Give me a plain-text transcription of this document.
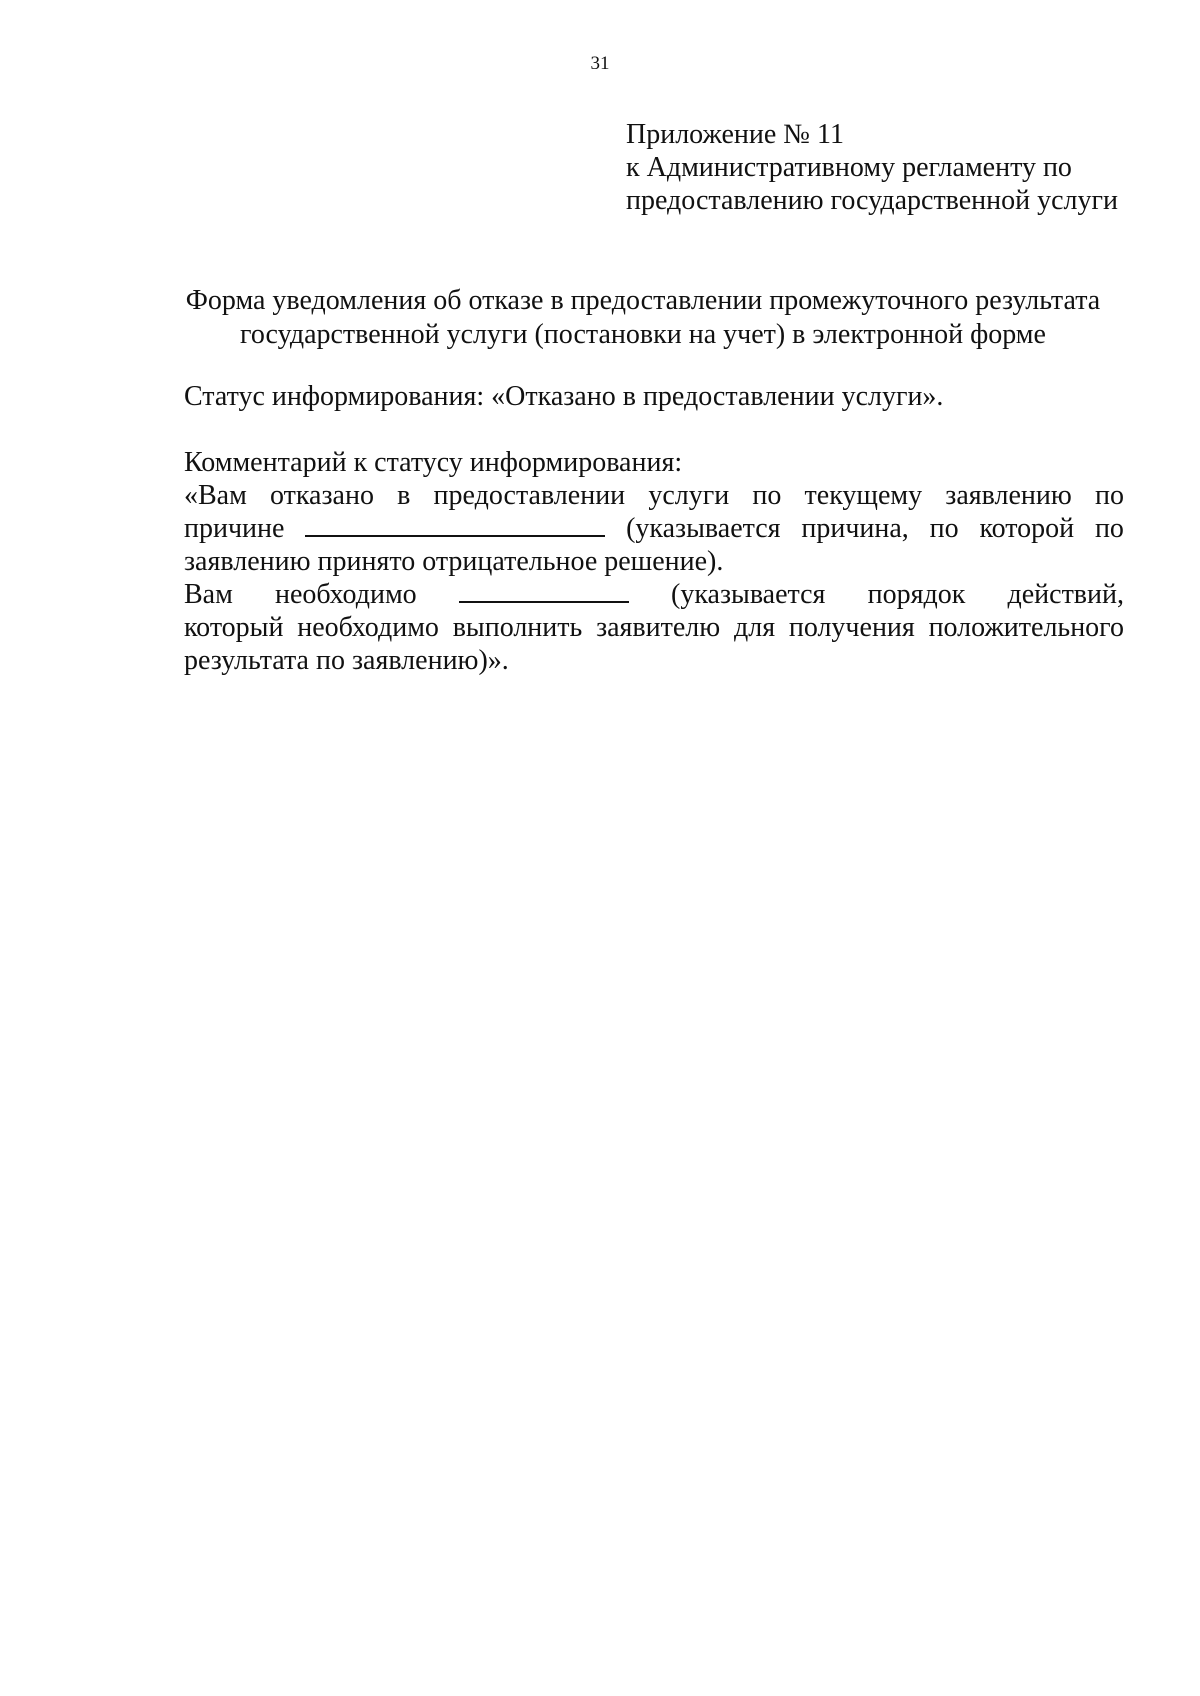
31
Приложение № 11
к Административному регламенту по
предоставлению государственной услуги
Форма уведомления об отказе в предоставлении промежуточного результата
государственной услуги (постановки на учет) в электронной форме
Статус информирования: «Отказано в предоставлении услуги».
Комментарий к статусу информирования:
«Вам отказано в предоставлении услуги по текущему заявлению по
причине	(указывается причина, по которой по
заявлению принято отрицательное решение).
Вам необходимо	(указывается порядок действий,
который необходимо выполнить заявителю для получения положительного
результата по заявлению)».
